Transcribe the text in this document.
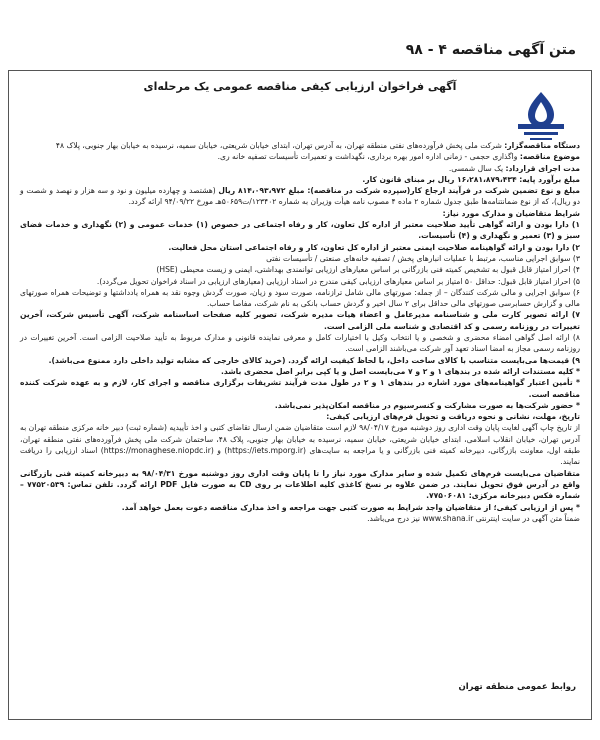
متن آگهی مناقصه ۴ - ۹۸
آگهی فراخوان ارزیابی کیفی مناقصه عمومی یک مرحله‌ای

دستگاه مناقصه‌گزار: شرکت ملی پخش فرآورده‌های نفتی منطقه تهران، به آدرس تهران، ابتدای خیابان شریعتی، خیابان سمیه، نرسیده به خیابان بهار جنوبی، پلاک ۴۸

موضوع مناقصه: واگذاری حجمی - زمانی اداره امور بهره برداری، نگهداشت و تعمیرات تأسیسات تصفیه خانه ری.

مدت اجرای قرارداد: یک سال شمسی.

مبلغ برآورد پایه: ۱۶،۲۸۱،۸۷۹،۴۳۴ ریال بر مبنای قانون کار.

مبلغ و نوع تضمین شرکت در فرآیند ارجاع کار(سپرده شرکت در مناقصه): مبلغ ۸۱۴،۰۹۳،۹۷۲ ریال (هشتصد و چهارده میلیون و نود و سه هزار و نهصد و شصت و دو ریال)، که از نوع ضمانتنامه‌ها طبق جدول شماره ۲ ماده ۴ مصوب نامه هیأت وزیران به شماره ۱۲۳۴۰۲/ت۵۰۶۵۹هـ مورخ ۹۴/۰۹/۲۲ ارائه گردد.

شرایط متقاضیان و مدارک مورد نیاز:

۱) دارا بودن و ارائه گواهی تأیید صلاحیت معتبر از اداره کل تعاون، کار و رفاه اجتماعی در خصوص (۱) خدمات عمومی و (۲) نگهداری و خدمات فضای سبز و (۳) تعمیر و نگهداری و (۴) تأسیسات.

۲) دارا بودن و ارائه گواهینامه صلاحیت ایمنی معتبر از اداره کل تعاون، کار و رفاه اجتماعی استان محل فعالیت.

۳) سوابق اجرایی مناسب، مرتبط با عملیات انبارهای پخش / تصفیه خانه‌های صنعتی / تأسیسات نفتی

۴) احراز امتیاز قابل قبول به تشخیص کمیته فنی بازرگانی بر اساس معیارهای ارزیابی توانمندی بهداشتی، ایمنی و زیست محیطی (HSE)

۵) احراز امتیاز قابل قبول: حداقل ۵۰ امتیاز بر اساس معیارهای ارزیابی کیفی مندرج در اسناد ارزیابی (معیارهای ارزیابی در اسناد فراخوان تحویل می‌گردد).

۶) سوابق اجرایی و مالی شرکت کنندگان – از جمله: صورتهای مالی شامل ترازنامه، صورت سود و زیان، صورت گردش وجوه نقد به همراه یادداشتها و توضیحات همراه صورتهای مالی و گزارش حسابرسی صورتهای مالی حداقل برای ۲ سال اخیر و گردش حساب بانکی به نام شرکت، مفاصا حساب.

۷) ارائه تصویر کارت ملی و شناسنامه مدیرعامل و اعضاء هیات مدیره شرکت، تصویر کلیه صفحات اساسنامه شرکت، آگهی تأسیس شرکت، آخرین تغییرات در روزنامه رسمی و کد اقتصادی و شناسه ملی الزامی است.

۸) ارائه اصل گواهی امضاء محضری و شخصی و یا انتخاب وکیل با اختیارات کامل و معرفی نماینده قانونی و مدارک مربوط به تأیید صلاحیت الزامی است. آخرین تغییرات در روزنامه رسمی مجاز به امضا اسناد تعهد آور شرکت می‌باشند الزامی است.

۹) قیمت‌ها می‌بایست متناسب با کالای ساخت داخل، با لحاظ کیفیت ارائه گردد. (خرید کالای خارجی که مشابه تولید داخلی دارد ممنوع می‌باشد).

* کلیه مستندات ارائه شده در بندهای ۱ و ۲ و ۷ می‌بایست اصل و یا کپی برابر اصل محضری باشد.

* تأمین اعتبار گواهینامه‌های مورد اشاره در بندهای ۱ و ۲ در طول مدت فرآیند تشریفات برگزاری مناقصه و اجرای کار، لازم و به عهده شرکت کننده مناقصه است.

* حضور شرکت‌ها به صورت مشارکت و کنسرسیوم در مناقصه امکان‌پذیر نمی‌باشد.

تاریخ، مهلت، نشانی و نحوه دریافت و تحویل فرم‌های ارزیابی کیفی:

از تاریخ چاپ آگهی لغایت پایان وقت اداری روز دوشنبه مورخ ۹۸/۰۴/۱۷ لازم است متقاضیان ضمن ارسال تقاضای کتبی و اخذ تأییدیه (شماره ثبت) دبیر خانه مرکزی منطقه تهران به آدرس تهران، خیابان انقلاب اسلامی، ابتدای خیابان شریعتی، خیابان سمیه، نرسیده به خیابان بهار جنوبی، پلاک ۴۸، ساختمان شرکت ملی پخش فرآورده‌های نفتی منطقه تهران، طبقه اول، معاونت بازرگانی، دبیرخانه کمیته فنی بازرگانی و یا مراجعه به سایت‌های (https://iets.mporg.ir) و (https://monaghese.niopdc.ir) اسناد ارزیابی را دریافت نمایند.

متقاضیان می‌بایست فرم‌های تکمیل شده و سایر مدارک مورد نیاز را تا پایان وقت اداری روز دوشنبه مورخ ۹۸/۰۴/۳۱ به دبیرخانه کمیته فنی بازرگانی واقع در آدرس فوق تحویل نمایند. در ضمن علاوه بر نسخ کاغذی کلیه اطلاعات بر روی CD به صورت فایل PDF ارائه گردد. تلفن تماس: ۷۷۵۲۰۵۳۹ – شماره فکس دبیرخانه مرکزی: ۷۷۵۰۶۰۸۱.

* پس از ارزیابی کیفی؛ از متقاضیان واجد شرایط به صورت کتبی جهت مراجعه و اخذ مدارک مناقصه دعوت بعمل خواهد آمد.

ضمناً متن آگهی در سایت اینترنتی www.shana.ir نیز درج می‌باشد.

روابط عمومی منطقه تهران
